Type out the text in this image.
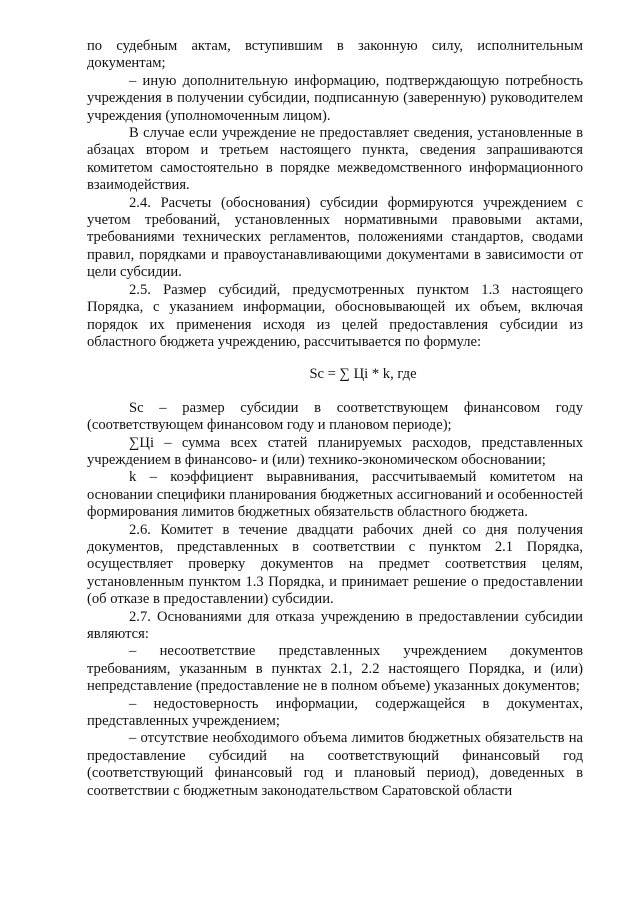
по судебным актам, вступившим в законную силу, исполнительным документам;

– иную дополнительную информацию, подтверждающую потребность учреждения в получении субсидии, подписанную (заверенную) руководителем учреждения (уполномоченным лицом).

В случае если учреждение не предоставляет сведения, установленные в абзацах втором и третьем настоящего пункта, сведения запрашиваются комитетом самостоятельно в порядке межведомственного информационного взаимодействия.

2.4. Расчеты (обоснования) субсидии формируются учреждением с учетом требований, установленных нормативными правовыми актами, требованиями технических регламентов, положениями стандартов, сводами правил, порядками и правоустанавливающими документами в зависимости от цели субсидии.

2.5. Размер субсидий, предусмотренных пунктом 1.3 настоящего Порядка, с указанием информации, обосновывающей их объем, включая порядок их применения исходя из целей предоставления субсидии из областного бюджета учреждению, рассчитывается по формуле:

Sc = ∑ Цi * k, где

Sc – размер субсидии в соответствующем финансовом году (соответствующем финансовом году и плановом периоде);

∑Цi – сумма всех статей планируемых расходов, представленных учреждением в финансово- и (или) технико-экономическом обосновании;

k – коэффициент выравнивания, рассчитываемый комитетом на основании специфики планирования бюджетных ассигнований и особенностей формирования лимитов бюджетных обязательств областного бюджета.

2.6. Комитет в течение двадцати рабочих дней со дня получения документов, представленных в соответствии с пунктом 2.1 Порядка, осуществляет проверку документов на предмет соответствия целям, установленным пунктом 1.3 Порядка, и принимает решение о предоставлении (об отказе в предоставлении) субсидии.

2.7. Основаниями для отказа учреждению в предоставлении субсидии являются:

– несоответствие представленных учреждением документов требованиям, указанным в пунктах 2.1, 2.2 настоящего Порядка, и (или) непредставление (предоставление не в полном объеме) указанных документов;

– недостоверность информации, содержащейся в документах, представленных учреждением;

– отсутствие необходимого объема лимитов бюджетных обязательств на предоставление субсидий на соответствующий финансовый год (соответствующий финансовый год и плановый период), доведенных в соответствии с бюджетным законодательством Саратовской области
